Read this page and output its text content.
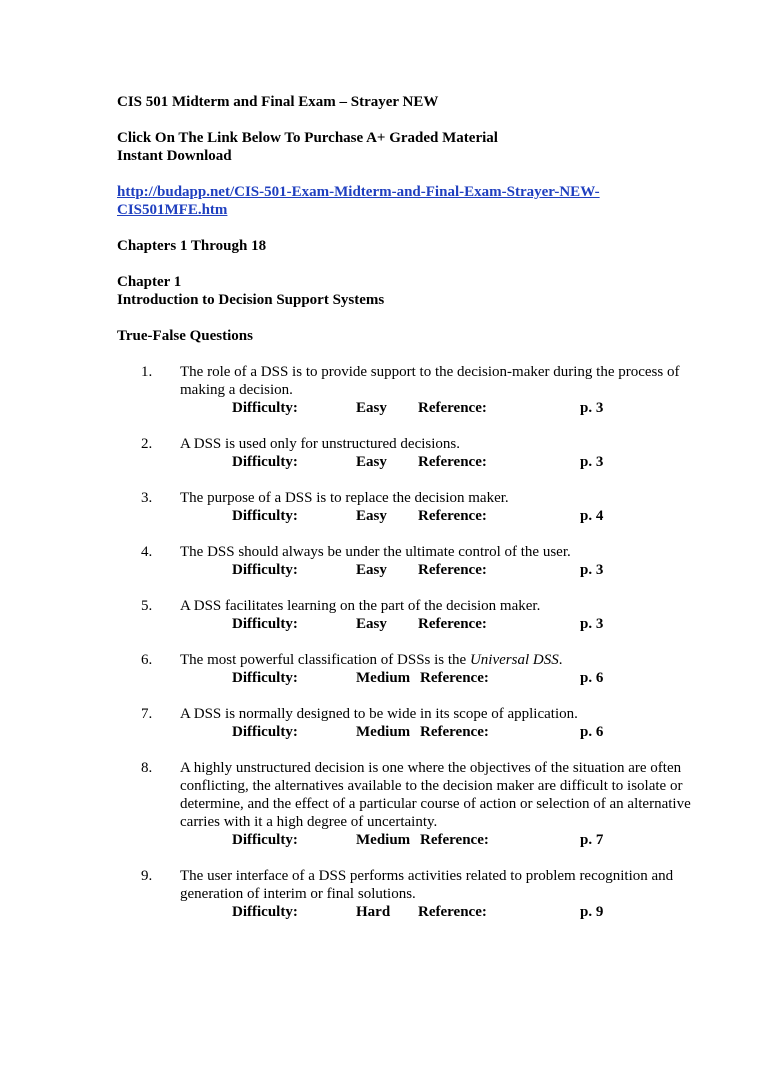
CIS 501 Midterm and Final Exam – Strayer NEW
Click On The Link Below To Purchase A+ Graded Material
Instant Download
http://budapp.net/CIS-501-Exam-Midterm-and-Final-Exam-Strayer-NEW-
CIS501MFE.htm
Chapters 1 Through 18
Chapter 1
Introduction to Decision Support Systems
True-False Questions
1. The role of a DSS is to provide support to the decision-maker during the process of making a decision.
Difficulty:	Easy Reference:	p. 3
2. A DSS is used only for unstructured decisions.
Difficulty:	Easy Reference:	p. 3
3. The purpose of a DSS is to replace the decision maker.
Difficulty:	Easy Reference:	p. 4
4. The DSS should always be under the ultimate control of the user.
Difficulty:	Easy Reference:	p. 3
5. A DSS facilitates learning on the part of the decision maker.
Difficulty:	Easy Reference:	p. 3
6. The most powerful classification of DSSs is the Universal DSS.
Difficulty:	Medium Reference:	p. 6
7. A DSS is normally designed to be wide in its scope of application.
Difficulty:	Medium Reference:	p. 6
8. A highly unstructured decision is one where the objectives of the situation are often conflicting, the alternatives available to the decision maker are difficult to isolate or determine, and the effect of a particular course of action or selection of an alternative carries with it a high degree of uncertainty.
Difficulty:	Medium Reference:	p. 7
9. The user interface of a DSS performs activities related to problem recognition and generation of interim or final solutions.
Difficulty:	Hard Reference:	p. 9
